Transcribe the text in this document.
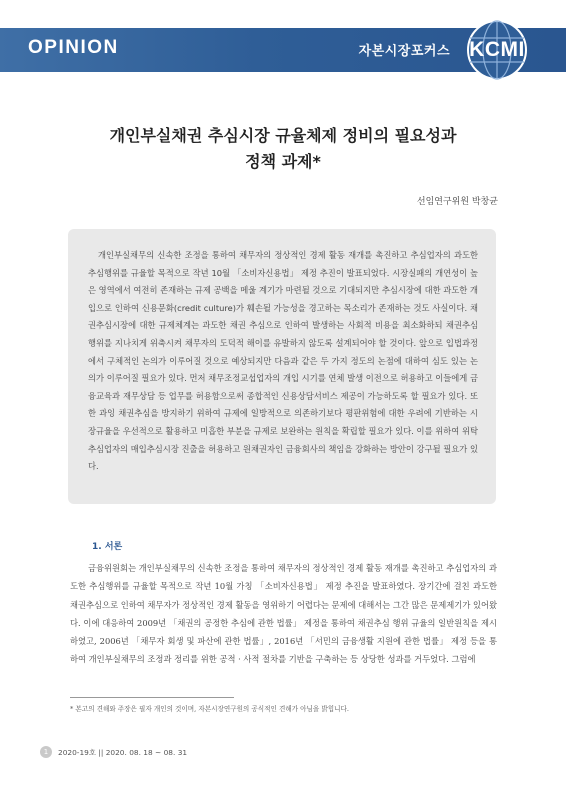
OPINION	자본시장포커스 KCMI
개인부실채권 추심시장 규율체제 정비의 필요성과
정책 과제*
선임연구위원 박창균

개인부실채무의 신속한 조정을 통하여 채무자의 정상적인 경제 활동 재개를 촉진하고 추심업자의 과도한 추심행위를 규율할 목적으로 작년 10월 「소비자신용법」 제정 추진이 발표되었다. 시장실패의 개연성이 높은 영역에서 여전히 존재하는 규제 공백을 메울 계기가 마련될 것으로 기대되지만 추심시장에 대한 과도한 개입으로 인하여 신용문화(credit culture)가 훼손될 가능성을 경고하는 목소리가 존재하는 것도 사실이다. 채권추심시장에 대한 규제체계는 과도한 채권 추심으로 인하여 발생하는 사회적 비용을 최소화하되 채권추심 행위를 지나치게 위축시켜 채무자의 도덕적 해이를 유발하지 않도록 설계되어야 할 것이다. 앞으로 입법과정에서 구체적인 논의가 이루어질 것으로 예상되지만 다음과 같은 두 가지 정도의 논점에 대하여 심도 있는 논의가 이루어질 필요가 있다. 먼저 채무조정교섭업자의 개입 시기를 연체 발생 이전으로 허용하고 이들에게 금융교육과 재무상담 등 업무를 허용함으로써 종합적인 신용상담서비스 제공이 가능하도록 할 필요가 있다. 또한 과잉 채권추심을 방지하기 위하여 규제에 일방적으로 의존하기보다 평판위험에 대한 우려에 기반하는 시장규율을 우선적으로 활용하고 미흡한 부분을 규제로 보완하는 원칙을 확립할 필요가 있다. 이를 위하여 위탁추심업자의 매입추심시장 진출을 허용하고 원채권자인 금융회사의 책임을 강화하는 방안이 강구될 필요가 있다.

1. 서론

금융위원회는 개인부실채무의 신속한 조정을 통하여 채무자의 정상적인 경제 활동 재개를 촉진하고 추심업자의 과도한 추심행위를 규율할 목적으로 작년 10월 가칭 「소비자신용법」 제정 추진을 발표하였다. 장기간에 걸친 과도한 채권추심으로 인하여 채무자가 정상적인 경제 활동을 영위하기 어렵다는 문제에 대해서는 그간 많은 문제제기가 있어왔다. 이에 대응하여 2009년 「채권의 공정한 추심에 관한 법률」 제정을 통하여 채권추심 행위 규율의 일반원칙을 제시하였고, 2006년 「채무자 회생 및 파산에 관한 법률」, 2016년 「서민의 금융생활 지원에 관한 법률」 제정 등을 통하여 개인부실채무의 조정과 정리를 위한 공적 · 사적 절차를 기반을 구축하는 등 상당한 성과를 거두었다. 그럼에

* 본고의 견해와 주장은 필자 개인의 것이며, 자본시장연구원의 공식적인 견해가 아님을 밝힙니다.
1	2020-19호 || 2020. 08. 18 ~ 08. 31
